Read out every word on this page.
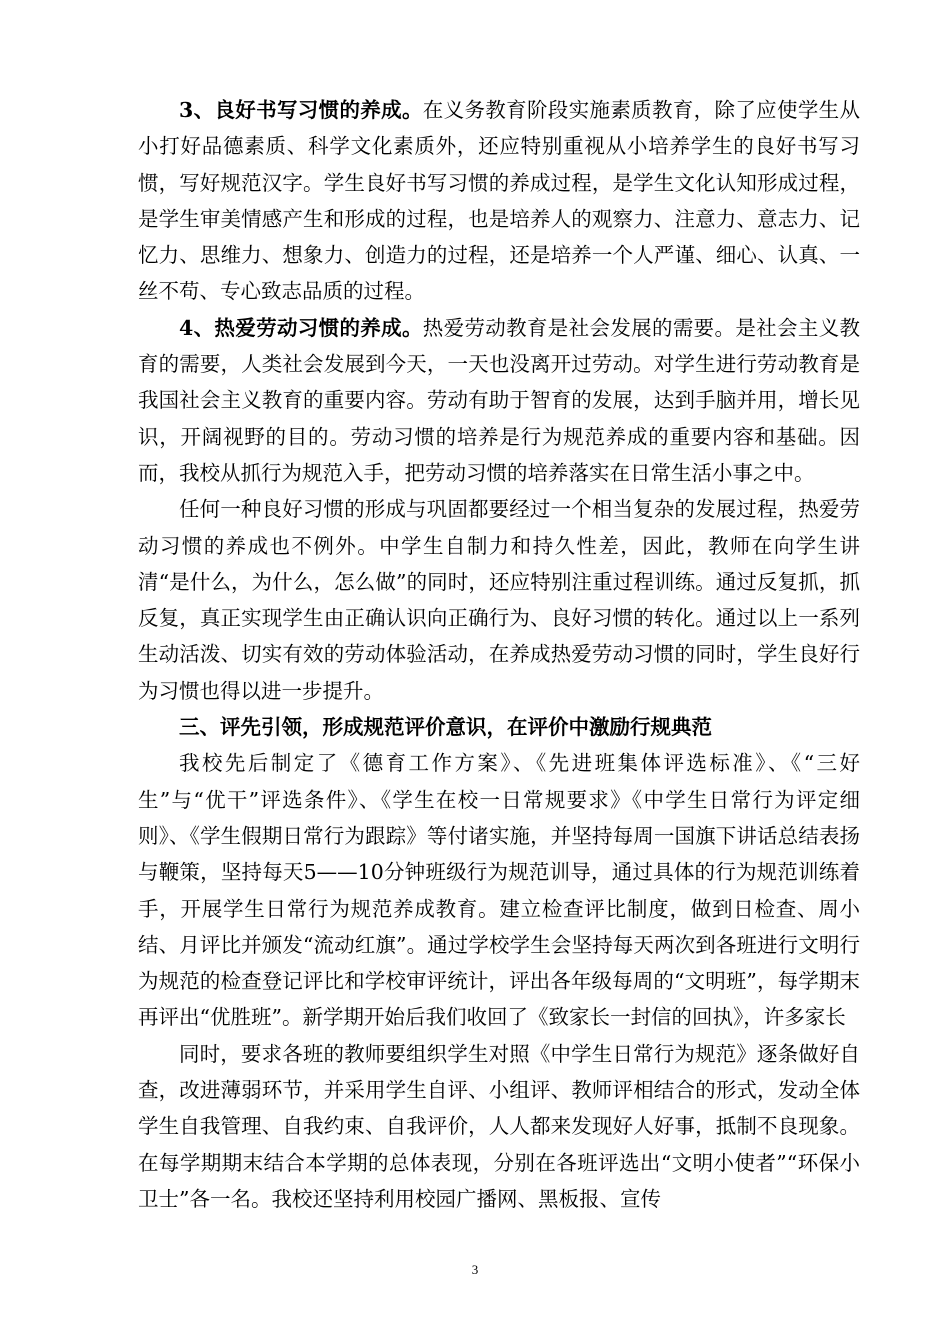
3、良好书写习惯的养成。在义务教育阶段实施素质教育，除了应使学生从小打好品德素质、科学文化素质外，还应特别重视从小培养学生的良好书写习惯，写好规范汉字。学生良好书写习惯的养成过程，是学生文化认知形成过程，是学生审美情感产生和形成的过程，也是培养人的观察力、注意力、意志力、记忆力、思维力、想象力、创造力的过程，还是培养一个人严谨、细心、认真、一丝不苟、专心致志品质的过程。

4、热爱劳动习惯的养成。热爱劳动教育是社会发展的需要。是社会主义教育的需要，人类社会发展到今天，一天也没离开过劳动。对学生进行劳动教育是我国社会主义教育的重要内容。劳动有助于智育的发展，达到手脑并用，增长见识，开阔视野的目的。劳动习惯的培养是行为规范养成的重要内容和基础。因而，我校从抓行为规范入手，把劳动习惯的培养落实在日常生活小事之中。

任何一种良好习惯的形成与巩固都要经过一个相当复杂的发展过程，热爱劳动习惯的养成也不例外。中学生自制力和持久性差，因此，教师在向学生讲清“是什么，为什么，怎么做”的同时，还应特别注重过程训练。通过反复抓，抓反复，真正实现学生由正确认识向正确行为、良好习惯的转化。通过以上一系列生动活泼、切实有效的劳动体验活动，在养成热爱劳动习惯的同时，学生良好行为习惯也得以进一步提升。

三、评先引领，形成规范评价意识，在评价中激励行规典范

我校先后制定了《德育工作方案》、《先进班集体评选标准》、《“三好生”与“优干”评选条件》、《学生在校一日常规要求》《中学生日常行为评定细则》、《学生假期日常行为跟踪》等付诸实施，并坚持每周一国旗下讲话总结表扬与鞭策，坚持每天5——10分钟班级行为规范训导，通过具体的行为规范训练着手，开展学生日常行为规范养成教育。建立检查评比制度，做到日检查、周小结、月评比并颁发“流动红旗”。通过学校学生会坚持每天两次到各班进行文明行为规范的检查登记评比和学校审评统计，评出各年级每周的“文明班”，每学期末再评出“优胜班”。新学期开始后我们收回了《致家长一封信的回执》，许多家长

同时，要求各班的教师要组织学生对照《中学生日常行为规范》逐条做好自查，改进薄弱环节，并采用学生自评、小组评、教师评相结合的形式，发动全体学生自我管理、自我约束、自我评价，人人都来发现好人好事，抵制不良现象。在每学期期末结合本学期的总体表现，分别在各班评选出“文明小使者”“环保小卫士”各一名。我校还坚持利用校园广播网、黑板报、宣传

3
